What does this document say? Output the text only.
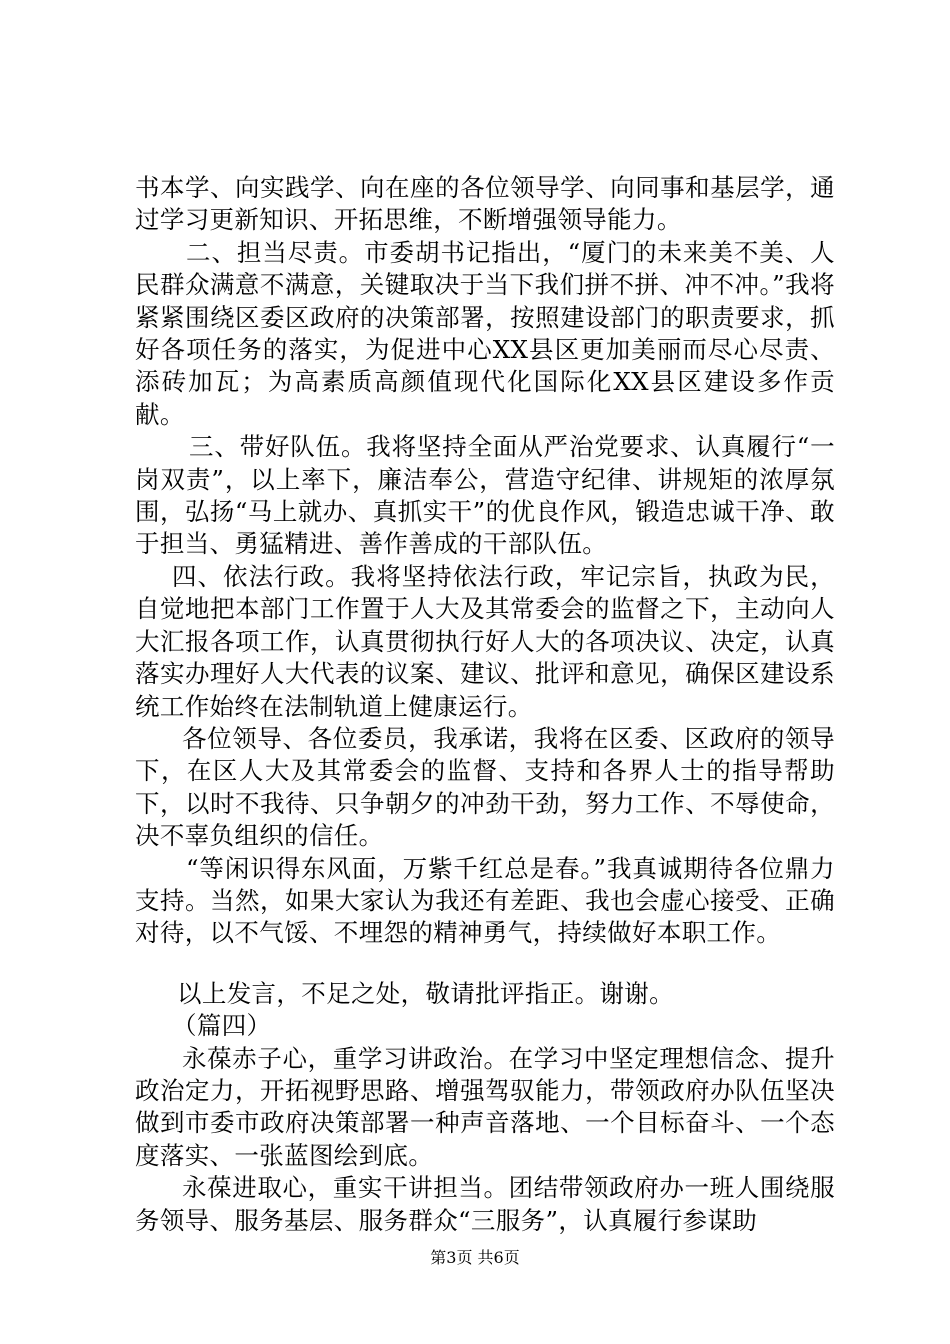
书本学、向实践学、向在座的各位领导学、向同事和基层学，通过学习更新知识、开拓思维，不断增强领导能力。

二、担当尽责。市委胡书记指出，“厦门的未来美不美、人民群众满意不满意，关键取决于当下我们拼不拼、冲不冲。”我将紧紧围绕区委区政府的决策部署，按照建设部门的职责要求，抓好各项任务的落实，为促进中心XX县区更加美丽而尽心尽责、添砖加瓦；为高素质高颜值现代化国际化XX县区建设多作贡献。

三、带好队伍。我将坚持全面从严治党要求、认真履行“一岗双责”，以上率下，廉洁奉公，营造守纪律、讲规矩的浓厚氛围，弘扬“马上就办、真抓实干”的优良作风，锻造忠诚干净、敢于担当、勇猛精进、善作善成的干部队伍。

四、依法行政。我将坚持依法行政，牢记宗旨，执政为民，自觉地把本部门工作置于人大及其常委会的监督之下，主动向人大汇报各项工作，认真贯彻执行好人大的各项决议、决定，认真落实办理好人大代表的议案、建议、批评和意见，确保区建设系统工作始终在法制轨道上健康运行。

各位领导、各位委员，我承诺，我将在区委、区政府的领导下，在区人大及其常委会的监督、支持和各界人士的指导帮助下，以时不我待、只争朝夕的冲劲干劲，努力工作、不辱使命，决不辜负组织的信任。

“等闲识得东风面，万紫千红总是春。”我真诚期待各位鼎力支持。当然，如果大家认为我还有差距、我也会虚心接受、正确对待，以不气馁、不埋怨的精神勇气，持续做好本职工作。

以上发言，不足之处，敬请批评指正。谢谢。

（篇四）

永葆赤子心，重学习讲政治。在学习中坚定理想信念、提升政治定力，开拓视野思路、增强驾驭能力，带领政府办队伍坚决做到市委市政府决策部署一种声音落地、一个目标奋斗、一个态度落实、一张蓝图绘到底。

永葆进取心，重实干讲担当。团结带领政府办一班人围绕服务领导、服务基层、服务群众“三服务”，认真履行参谋助

第3页 共6页
